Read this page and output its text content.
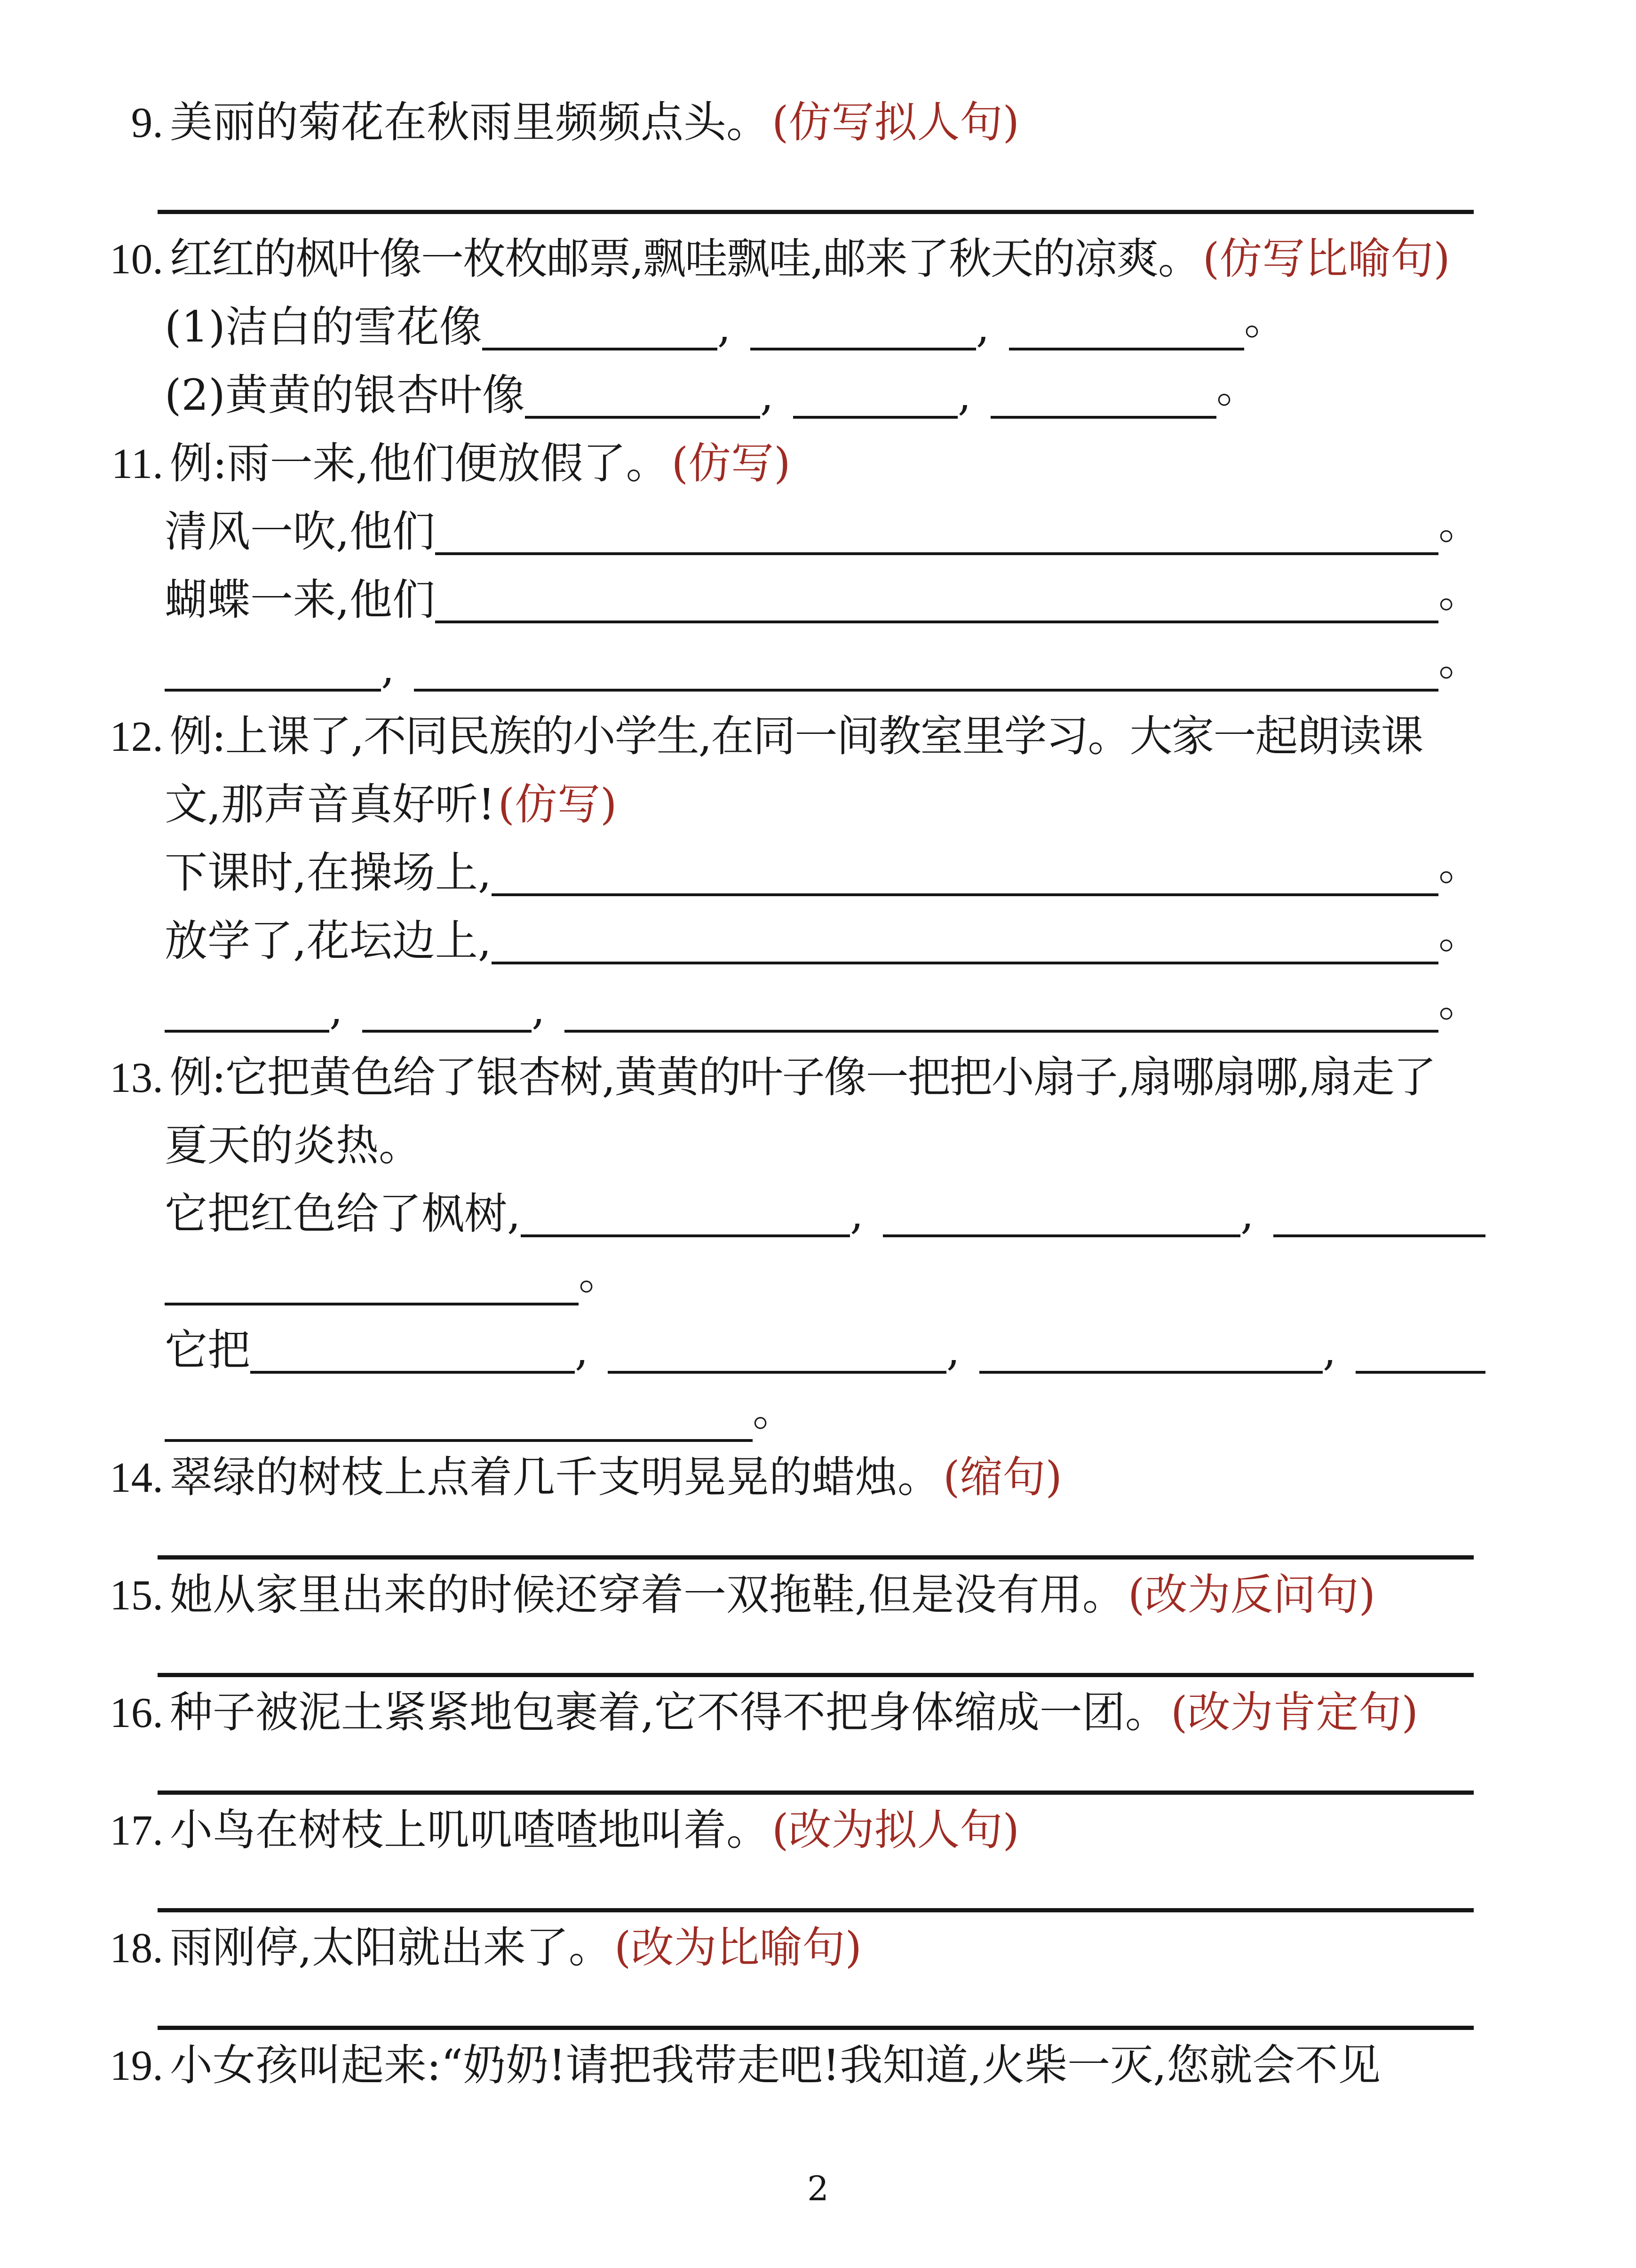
9. 美丽的菊花在秋雨里频频点头。 (仿写拟人句)
10. 红红的枫叶像一枚枚邮票,飘哇飘哇,邮来了秋天的凉爽。 (仿写比喻句)
(1)洁白的雪花像	,	,	。
(2)黄黄的银杏叶像	,	,	。
11. 例:雨一来,他们便放假了。 (仿写)
清风一吹,他们	。
蝴蝶一来,他们	。
,	。
12. 例:上课了,不同民族的小学生,在同一间教室里学习。大家一起朗读课
文,那声音真好听! (仿写)
下课时,在操场上,	。
放学了,花坛边上,	。
,	,	。
13. 例:它把黄色给了银杏树,黄黄的叶子像一把把小扇子,扇哪扇哪,扇走了
夏天的炎热。
它把红色给了枫树,	,	,
。
它把	,	,	,
。
14. 翠绿的树枝上点着几千支明晃晃的蜡烛。 (缩句)
15. 她从家里出来的时候还穿着一双拖鞋,但是没有用。 (改为反问句)
16. 种子被泥土紧紧地包裹着,它不得不把身体缩成一团。 (改为肯定句)
17. 小鸟在树枝上叽叽喳喳地叫着。 (改为拟人句)
18. 雨刚停,太阳就出来了。 (改为比喻句)
19. 小女孩叫起来:“奶奶!请把我带走吧!我知道,火柴一灭,您就会不见
2
